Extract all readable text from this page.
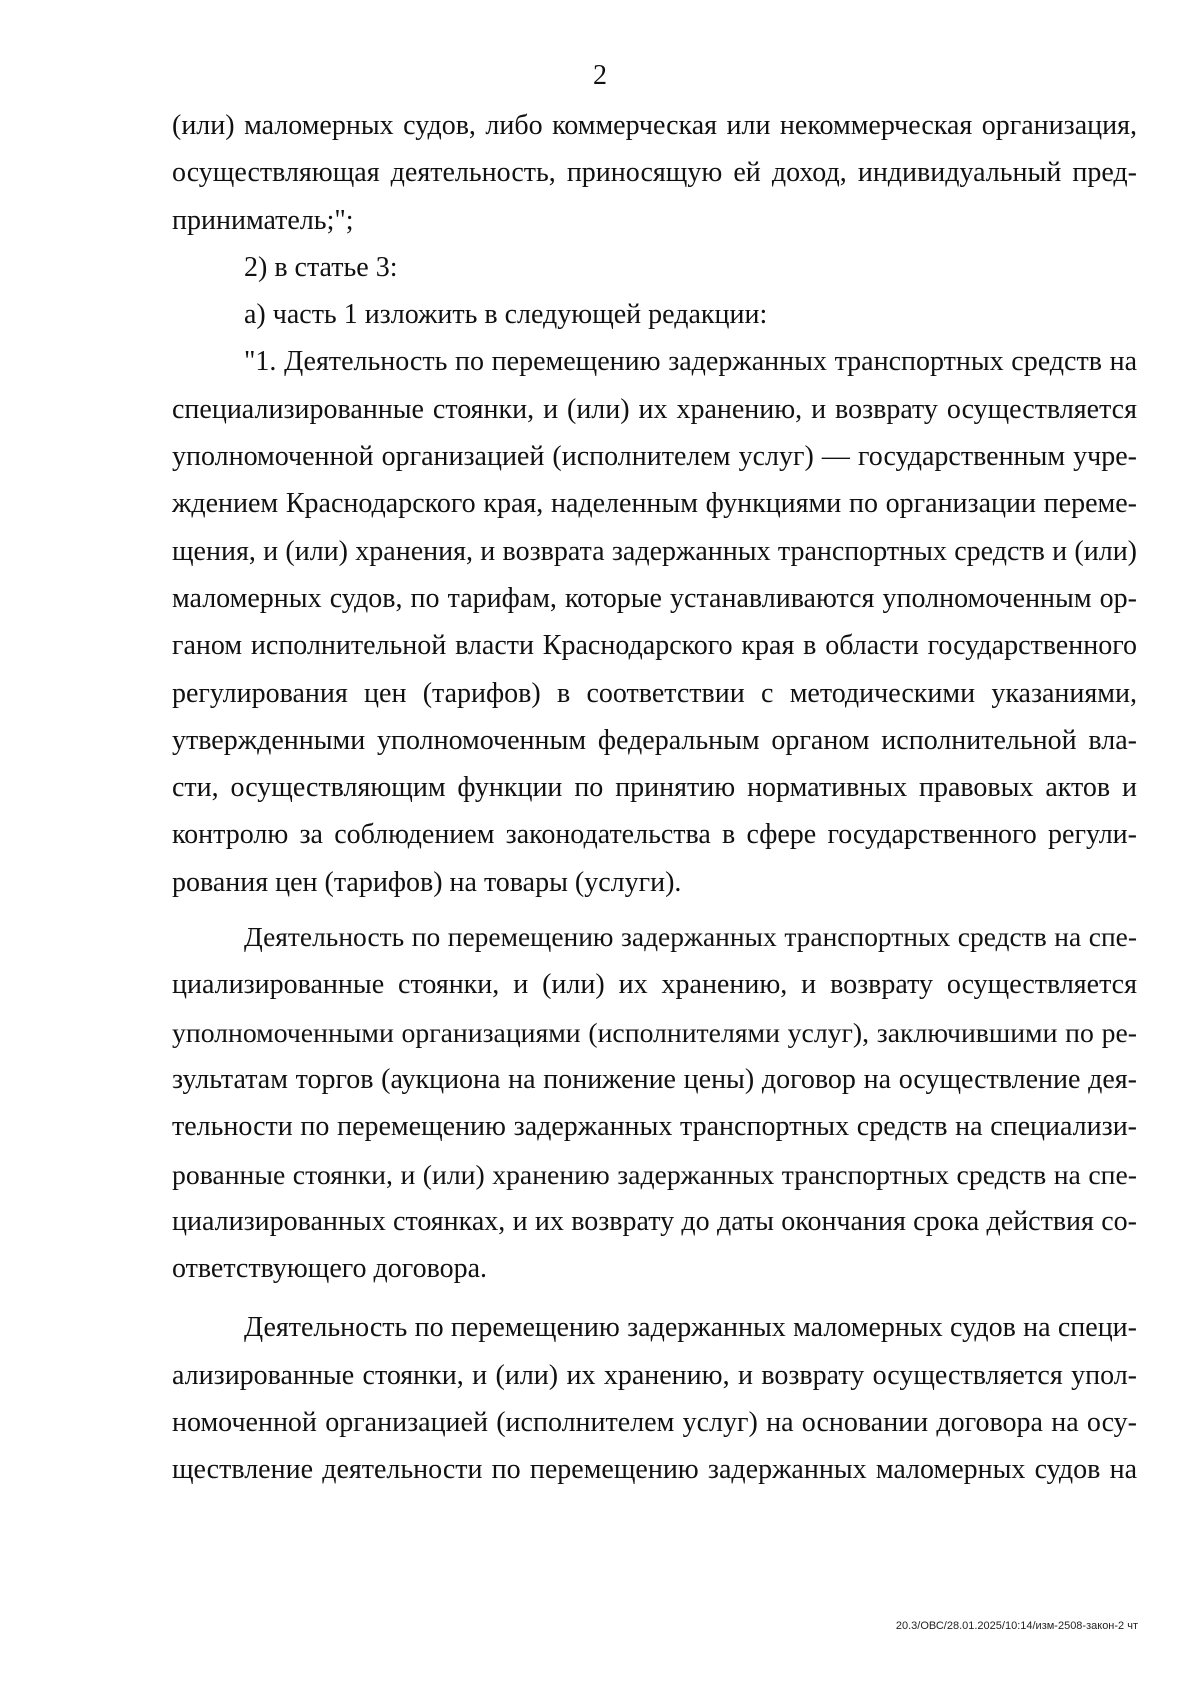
2
(или) маломерных судов, либо коммерческая или некоммерческая организация,
осуществляющая деятельность, приносящую ей доход, индивидуальный пред-
приниматель;";
2) в статье 3:
а) часть 1 изложить в следующей редакции:
"1. Деятельность по перемещению задержанных транспортных средств на
специализированные стоянки, и (или) их хранению, и возврату осуществляется
уполномоченной организацией (исполнителем услуг) — государственным учре-
ждением Краснодарского края, наделенным функциями по организации переме-
щения, и (или) хранения, и возврата задержанных транспортных средств и (или)
маломерных судов, по тарифам, которые устанавливаются уполномоченным ор-
ганом исполнительной власти Краснодарского края в области государственного
регулирования цен (тарифов) в соответствии с методическими указаниями,
утвержденными уполномоченным федеральным органом исполнительной вла-
сти, осуществляющим функции по принятию нормативных правовых актов и
контролю за соблюдением законодательства в сфере государственного регули-
рования цен (тарифов) на товары (услуги).
Деятельность по перемещению задержанных транспортных средств на спе-
циализированные стоянки, и (или) их хранению, и возврату осуществляется
уполномоченными организациями (исполнителями услуг), заключившими по ре-
зультатам торгов (аукциона на понижение цены) договор на осуществление дея-
тельности по перемещению задержанных транспортных средств на специализи-
рованные стоянки, и (или) хранению задержанных транспортных средств на спе-
циализированных стоянках, и их возврату до даты окончания срока действия со-
ответствующего договора.
Деятельность по перемещению задержанных маломерных судов на специ-
ализированные стоянки, и (или) их хранению, и возврату осуществляется упол-
номоченной организацией (исполнителем услуг) на основании договора на осу-
ществление деятельности по перемещению задержанных маломерных судов на
20.3/ОВС/28.01.2025/10:14/изм-2508-закон-2 чт
